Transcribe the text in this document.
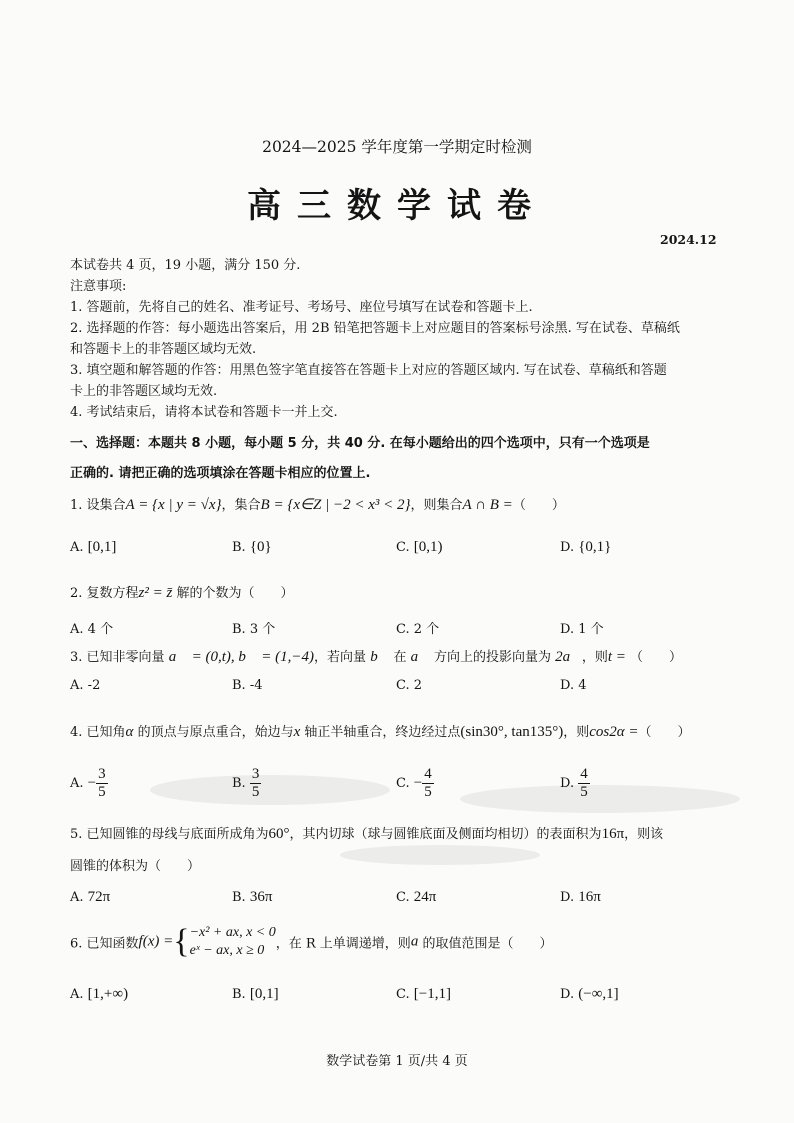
2024—2025 学年度第一学期定时检测
高三数学试卷
2024.12
本试卷共 4 页，19 小题，满分 150 分.
注意事项:
1. 答题前，先将自己的姓名、准考证号、考场号、座位号填写在试卷和答题卡上.
2. 选择题的作答：每小题选出答案后，用 2B 铅笔把答题卡上对应题目的答案标号涂黑. 写在试卷、草稿纸
和答题卡上的非答题区域均无效.
3. 填空题和解答题的作答：用黑色签字笔直接答在答题卡上对应的答题区域内. 写在试卷、草稿纸和答题
卡上的非答题区域均无效.
4. 考试结束后，请将本试卷和答题卡一并上交.
一、选择题：本题共 8 小题，每小题 5 分，共 40 分. 在每小题给出的四个选项中，只有一个选项是
正确的. 请把正确的选项填涂在答题卡相应的位置上.
1. 设集合A = {x | y = √x}，集合B = {x∈Z | −2 < x³ < 2}，则集合A ∩ B =（　　）
A. [0,1]	B. {0}	C. [0,1)	D. {0,1}
2. 复数方程z² = z̄ 解的个数为（　　）
A. 4 个	B. 3 个	C. 2 个	D. 1 个
3. 已知非零向量 a⃗ = (0,t), b⃗ = (1,−4)，若向量 b⃗ 在 a⃗ 方向上的投影向量为 2a⃗，则t = （　　）
A. -2	B. -4	C. 2	D. 4
4. 已知角α 的顶点与原点重合，始边与x 轴正半轴重合，终边经过点(sin30°, tan135°)，则cos2α =（　　）
A. − $\frac{3}{5}$	B. $\frac{3}{5}$	C. − $\frac{4}{5}$	D. $\frac{4}{5}$
5. 已知圆锥的母线与底面所成角为60°，其内切球（球与圆锥底面及侧面均相切）的表面积为16π，则该
圆锥的体积为（　　）
A. 72π	B. 36π	C. 24π	D. 16π
6. 已知函数f(x) = { −x² + ax, x < 0
eˣ − ax, x ≥ 0 ，在 R 上单调递增，则a 的取值范围是（　　）
A. [1,+∞)	B. [0,1]	C. [−1,1]	D. (−∞,1]
数学试卷第 1 页/共 4 页
